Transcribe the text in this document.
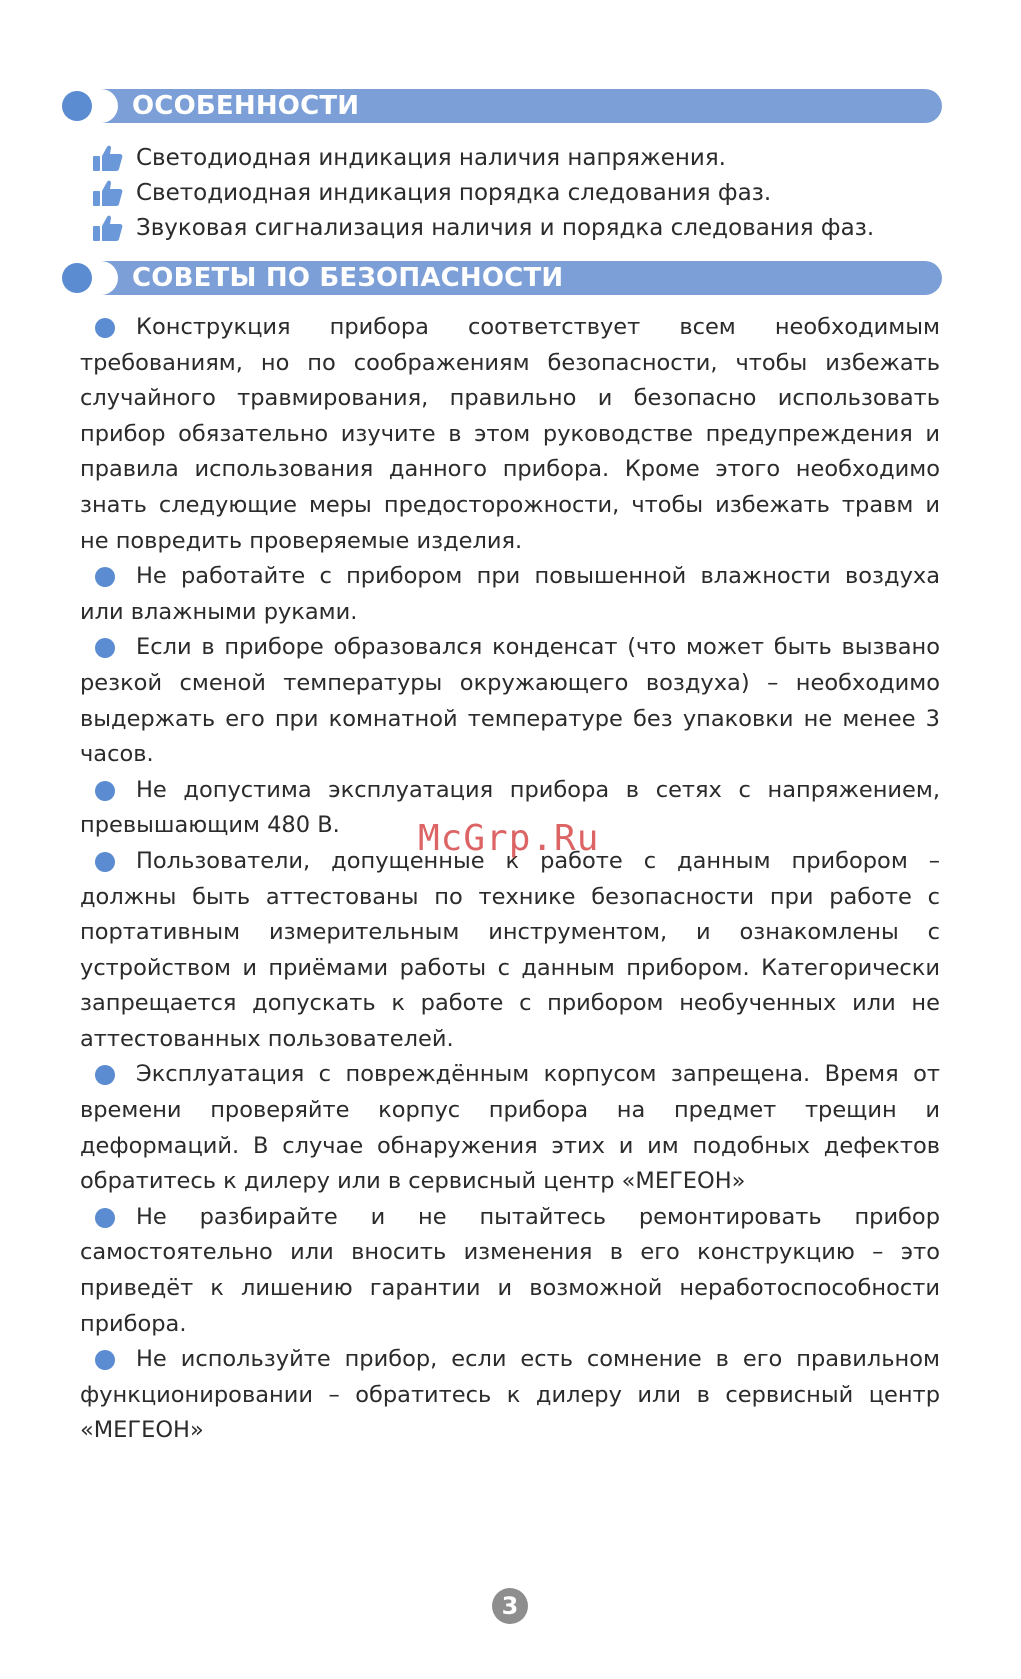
ОСОБЕННОСТИ
Светодиодная индикация наличия напряжения.
Светодиодная индикация порядка следования фаз.
Звуковая сигнализация наличия и порядка следования фаз.
СОВЕТЫ ПО БЕЗОПАСНОСТИ

Конструкция прибора соответствует всем необходимым требованиям, но по соображениям безопасности, чтобы избежать случайного травмирования, правильно и безопасно использовать прибор обязательно изучите в этом руководстве предупреждения и правила использования данного прибора. Кроме этого необходимо знать следующие меры предосторожности, чтобы избежать травм и не повредить проверяемые изделия.

Не работайте с прибором при повышенной влажности воздуха или влажными руками.

Если в приборе образовался конденсат (что может быть вызвано резкой сменой температуры окружающего воздуха) – необходимо выдержать его при комнатной температуре без упаковки не менее 3 часов.

Не допустима эксплуатация прибора в сетях с напряжением, превышающим 480 В.

Пользователи, допущенные к работе с данным прибором – должны быть аттестованы по технике безопасности при работе с портативным измерительным инструментом, и ознакомлены с устройством и приёмами работы с данным прибором. Категорически запрещается допускать к работе с прибором необученных или не аттестованных пользователей.

Эксплуатация с повреждённым корпусом запрещена. Время от времени проверяйте корпус прибора на предмет трещин и деформаций. В случае обнаружения этих и им подобных дефектов обратитесь к дилеру или в сервисный центр «МЕГЕОН»

Не разбирайте и не пытайтесь ремонтировать прибор самостоятельно или вносить изменения в его конструкцию – это приведёт к лишению гарантии и возможной неработоспособности прибора.

Не используйте прибор, если есть сомнение в его правильном функционировании – обратитесь к дилеру или в сервисный центр «МЕГЕОН»

McGrp.Ru
3
